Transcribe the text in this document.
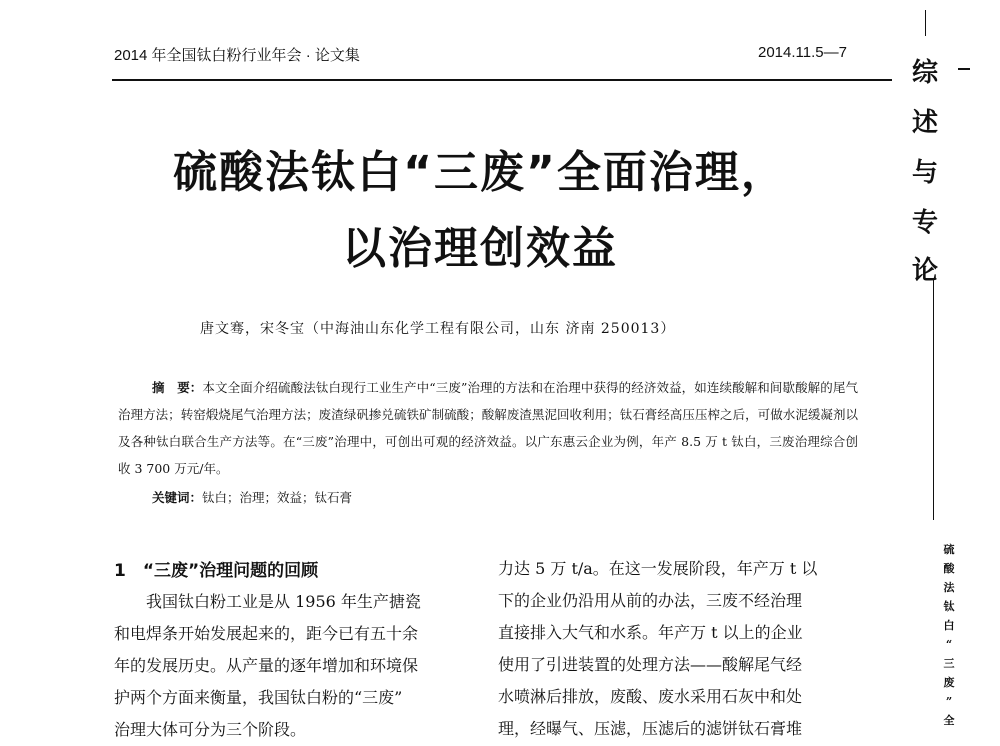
2014 年全国钛白粉行业年会 · 论文集	2014.11.5—7
综
述
与
专
论
硫
酸
法
钛
白
“
三
废
”
全
硫酸法钛白“三废”全面治理，
以治理创效益
唐文骞，宋冬宝（中海油山东化学工程有限公司，山东 济南 250013）
摘　要：本文全面介绍硫酸法钛白现行工业生产中“三废”治理的方法和在治理中获得的经济效益，如连续酸解和间歇酸解的尾气治理方法；转窑煅烧尾气治理方法；废渣绿矾掺兑硫铁矿制硫酸；酸解废渣黑泥回收利用；钛石膏经高压压榨之后，可做水泥缓凝剂以及各种钛白联合生产方法等。在“三废”治理中，可创出可观的经济效益。以广东惠云企业为例，年产 8.5 万 t 钛白，三废治理综合创收 3 700 万元/年。
关键词：钛白；治理；效益；钛石膏
1　“三废”治理问题的回顾
我国钛白粉工业是从 1956 年生产搪瓷
和电焊条开始发展起来的，距今已有五十余
年的发展历史。从产量的逐年增加和环境保
护两个方面来衡量，我国钛白粉的“三废”
治理大体可分为三个阶段。
力达 5 万 t/a。在这一发展阶段，年产万 t 以
下的企业仍沿用从前的办法，三废不经治理
直接排入大气和水系。年产万 t 以上的企业
使用了引进装置的处理方法——酸解尾气经
水喷淋后排放，废酸、废水采用石灰中和处
理，经曝气、压滤，压滤后的滤饼钛石膏堆
